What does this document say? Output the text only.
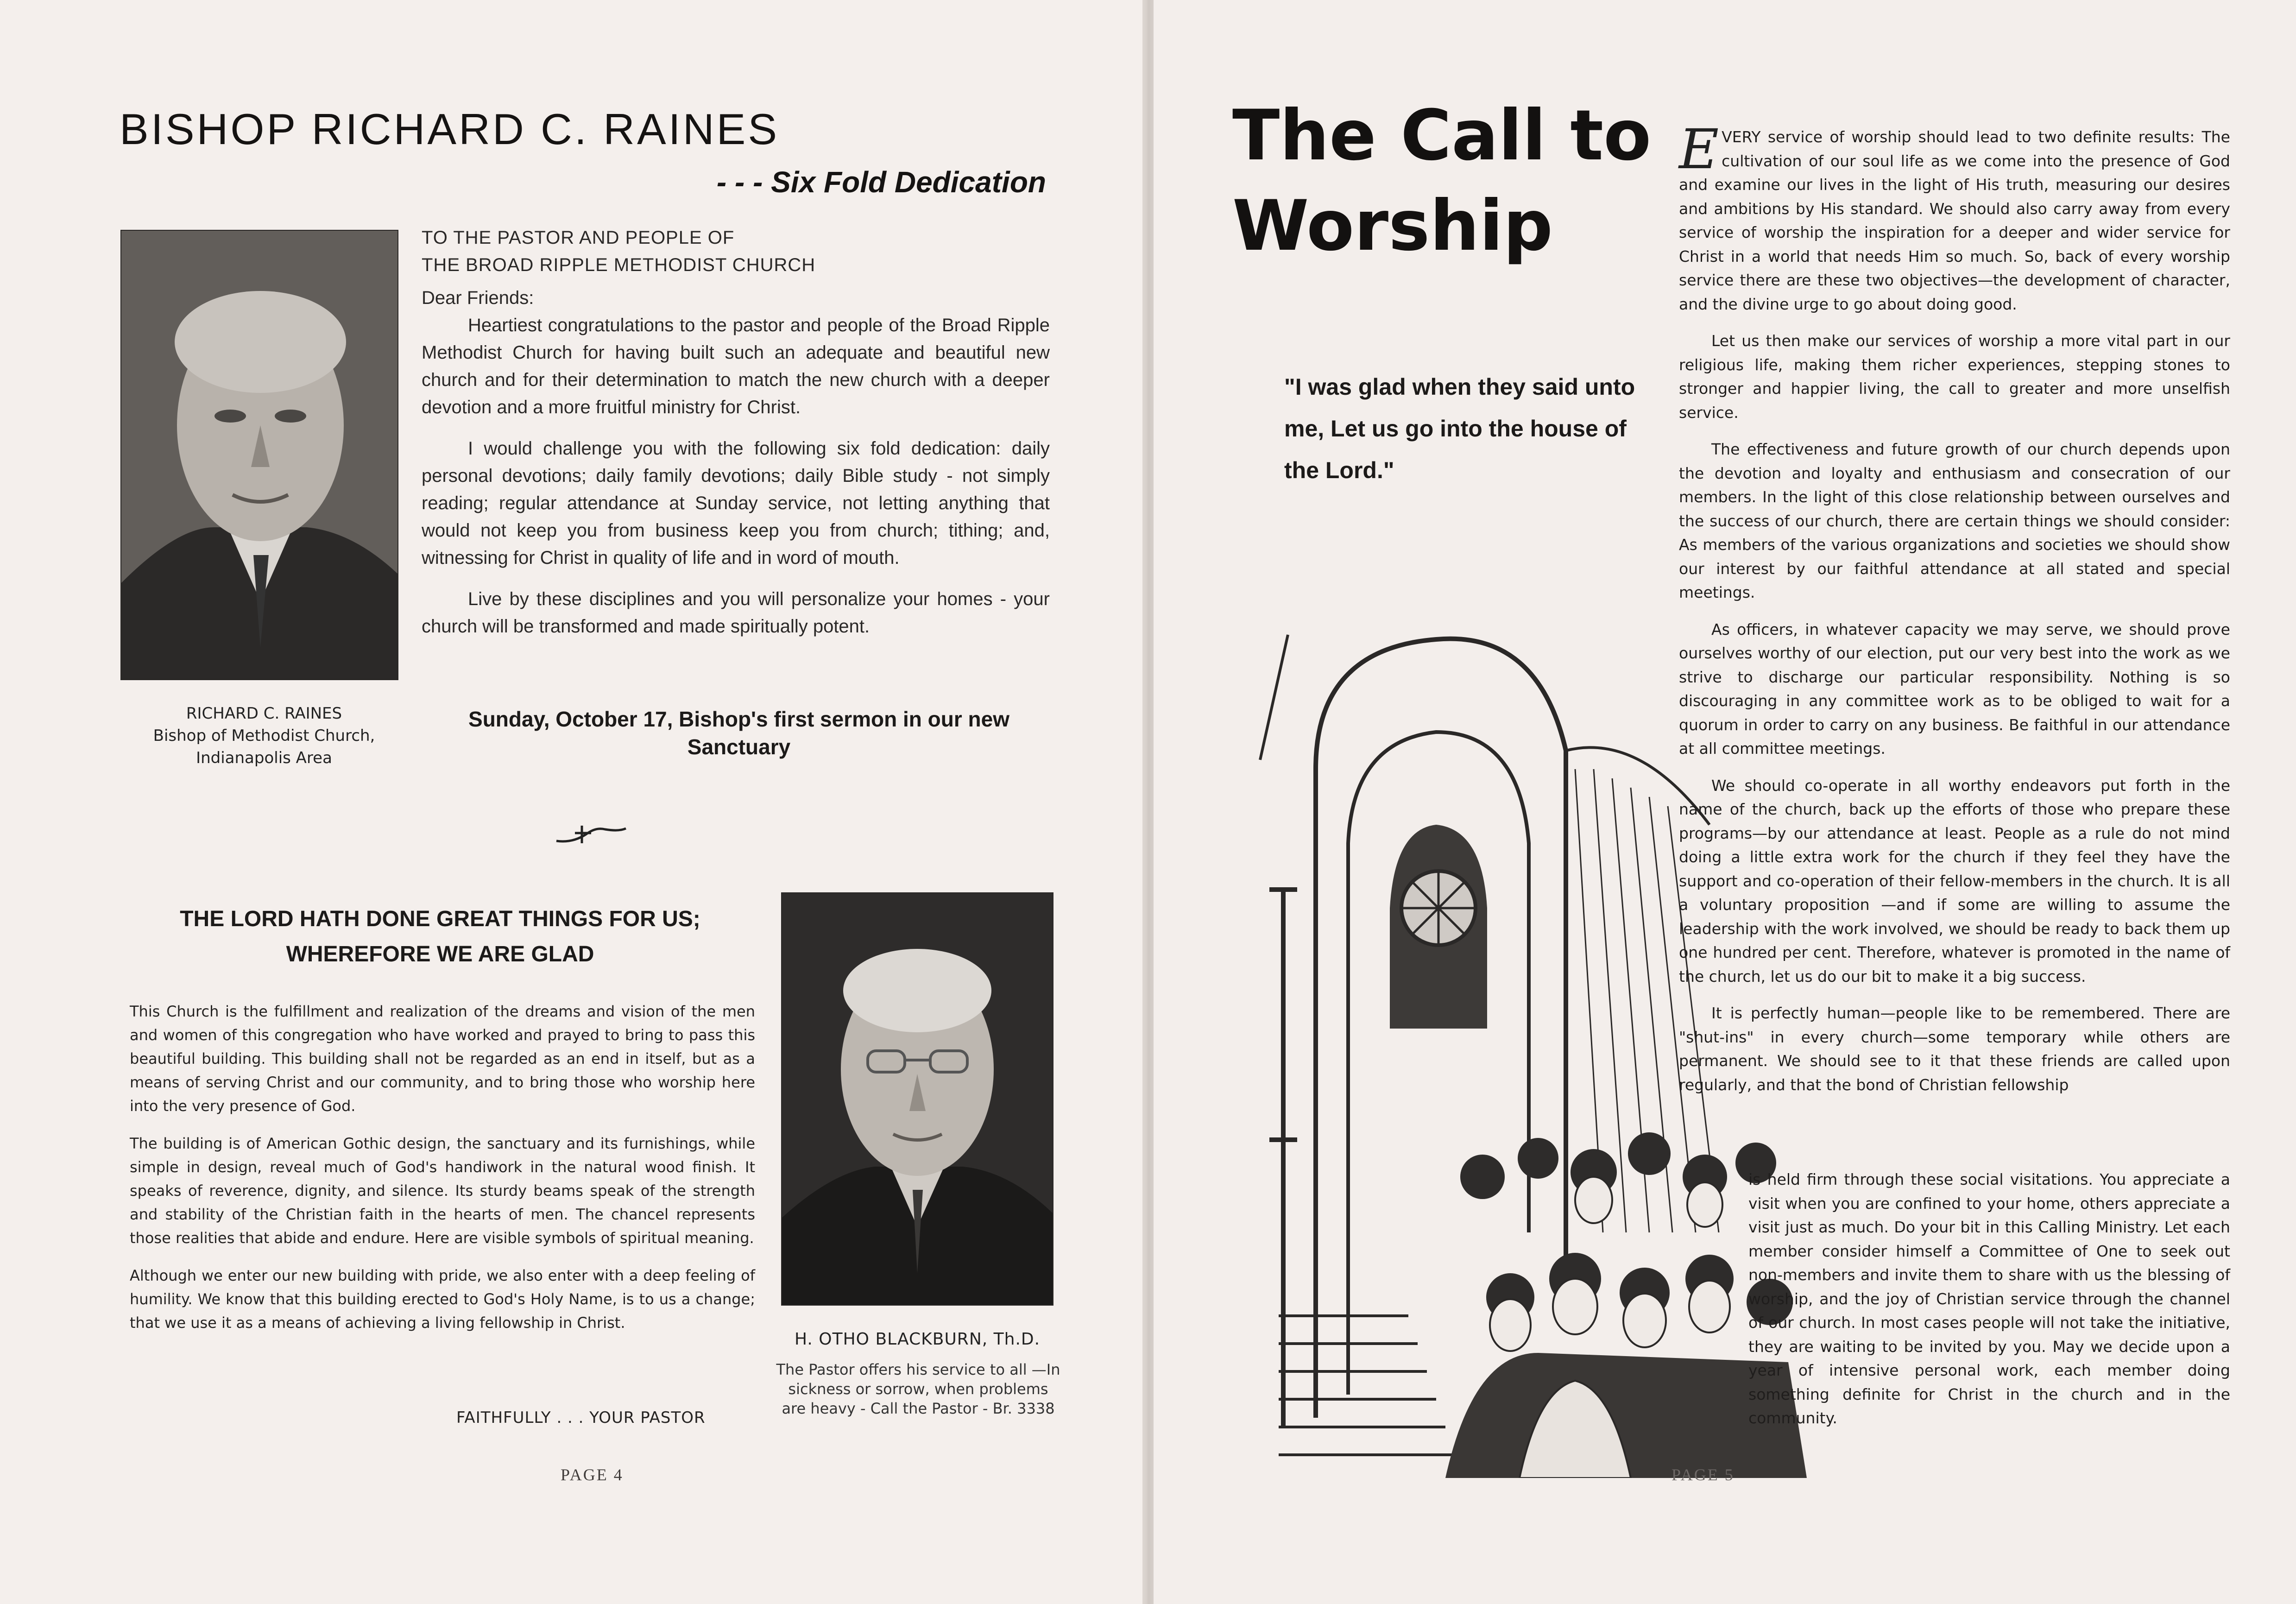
BISHOP RICHARD C. RAINES
- - - Six Fold Dedication
RICHARD C. RAINES
Bishop of Methodist Church,
Indianapolis Area
TO THE PASTOR AND PEOPLE OF
THE BROAD RIPPLE METHODIST CHURCH
Dear Friends:

Heartiest congratulations to the pastor and people of the Broad Ripple Methodist Church for having built such an adequate and beautiful new church and for their determination to match the new church with a deeper devotion and a more fruitful ministry for Christ.

I would challenge you with the following six fold dedication: daily personal devotions; daily family devotions; daily Bible study - not simply reading; regular attendance at Sunday service, not letting anything that would not keep you from business keep you from church; tithing; and, witnessing for Christ in quality of life and in word of mouth.

Live by these disciplines and you will personalize your homes - your church will be transformed and made spiritually potent.

Sunday, October 17, Bishop's first sermon in our new Sanctuary
THE LORD HATH DONE GREAT THINGS FOR US;
WHEREFORE WE ARE GLAD

This Church is the fulfillment and realization of the dreams and vision of the men and women of this congregation who have worked and prayed to bring to pass this beautiful building. This building shall not be regarded as an end in itself, but as a means of serving Christ and our community, and to bring those who worship here into the very presence of God.

The building is of American Gothic design, the sanctuary and its furnishings, while simple in design, reveal much of God's handiwork in the natural wood finish. It speaks of reverence, dignity, and silence. Its sturdy beams speak of the strength and stability of the Christian faith in the hearts of men. The chancel represents those realities that abide and endure. Here are visible symbols of spiritual meaning.

Although we enter our new building with pride, we also enter with a deep feeling of humility. We know that this building erected to God's Holy Name, is to us a change; that we use it as a means of achieving a living fellowship in Christ.

FAITHFULLY . . . YOUR PASTOR
H. OTHO BLACKBURN, Th.D.
The Pastor offers his service to all —In sickness or sorrow, when problems are heavy - Call the Pastor - Br. 3338
PAGE 4
The Call to
Worship
"I was glad when they said unto me, Let us go into the house of the Lord."

EVERY service of worship should lead to two definite results: The cultivation of our soul life as we come into the presence of God and examine our lives in the light of His truth, measuring our desires and ambitions by His standard. We should also carry away from every service of worship the inspiration for a deeper and wider service for Christ in a world that needs Him so much. So, back of every worship service there are these two objectives—the development of character, and the divine urge to go about doing good.

Let us then make our services of worship a more vital part in our religious life, making them richer experiences, stepping stones to stronger and happier living, the call to greater and more unselfish service.

The effectiveness and future growth of our church depends upon the devotion and loyalty and enthusiasm and consecration of our members. In the light of this close relationship between ourselves and the success of our church, there are certain things we should consider: As members of the various organizations and societies we should show our interest by our faithful attendance at all stated and special meetings.

As officers, in whatever capacity we may serve, we should prove ourselves worthy of our election, put our very best into the work as we strive to discharge our particular responsibility. Nothing is so discouraging in any committee work as to be obliged to wait for a quorum in order to carry on any business. Be faithful in our attendance at all committee meetings.

We should co-operate in all worthy endeavors put forth in the name of the church, back up the efforts of those who prepare these programs—by our attendance at least. People as a rule do not mind doing a little extra work for the church if they feel they have the support and co-operation of their fellow-members in the church. It is all a voluntary proposition —and if some are willing to assume the leadership with the work involved, we should be ready to back them up one hundred per cent. Therefore, whatever is promoted in the name of the church, let us do our bit to make it a big success.

It is perfectly human—people like to be remembered. There are "shut-ins" in every church—some temporary while others are permanent. We should see to it that these friends are called upon regularly, and that the bond of Christian fellowship

is held firm through these social visitations. You appreciate a visit when you are confined to your home, others appreciate a visit just as much. Do your bit in this Calling Ministry. Let each member consider himself a Committee of One to seek out non-members and invite them to share with us the blessing of worship, and the joy of Christian service through the channel of our church. In most cases people will not take the initiative, they are waiting to be invited by you. May we decide upon a year of intensive personal work, each member doing something definite for Christ in the church and in the community.
PAGE 5
